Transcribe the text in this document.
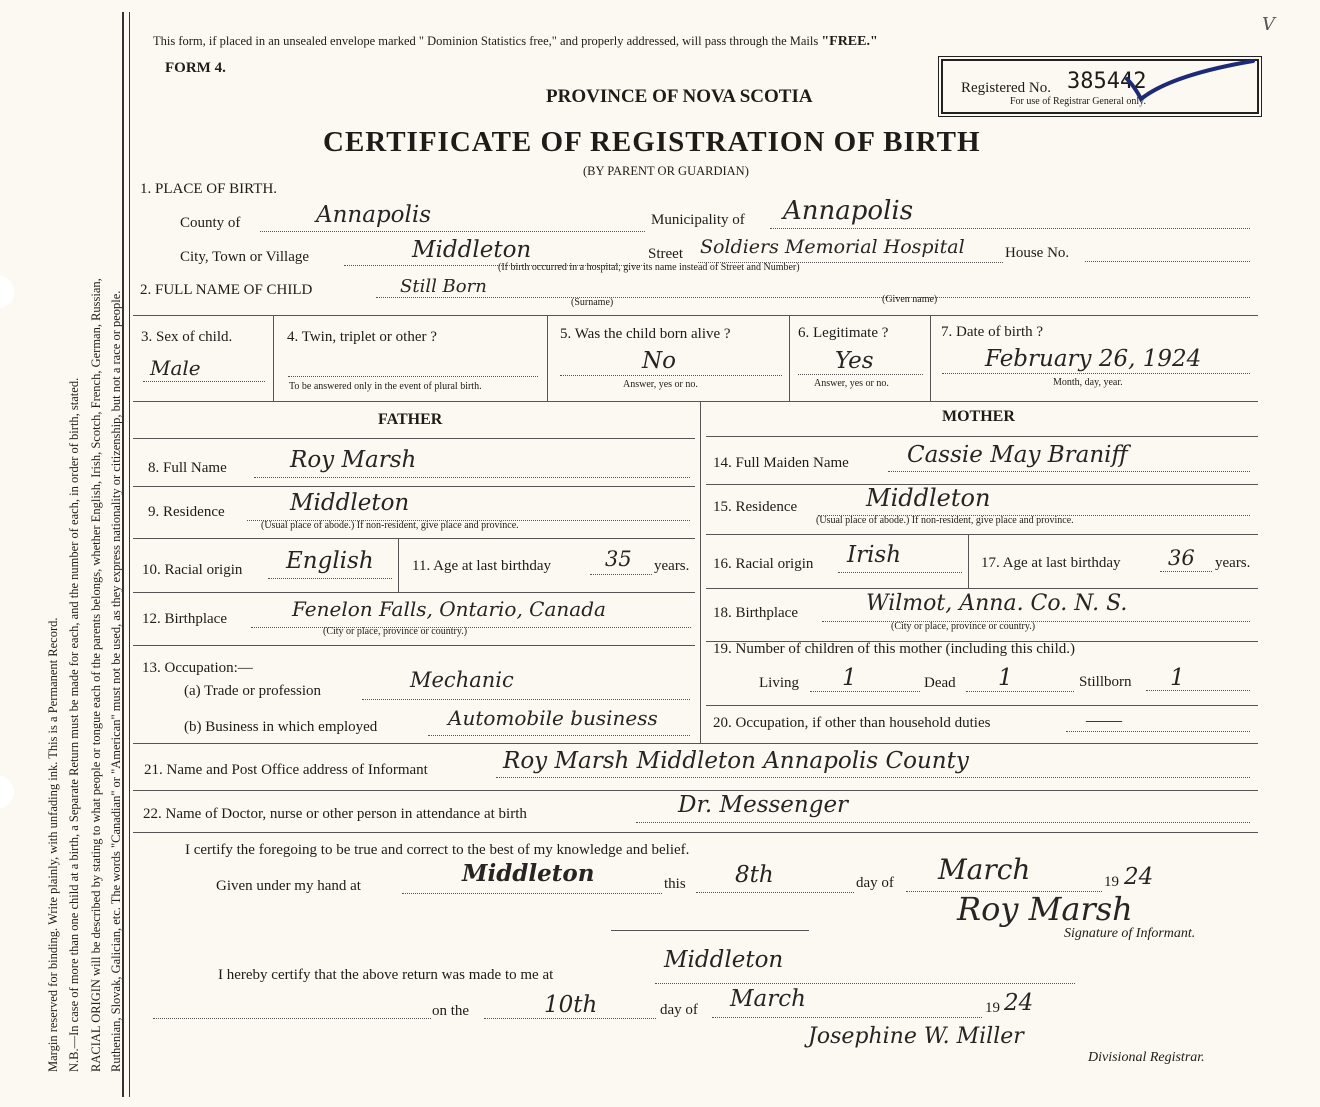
Margin reserved for binding. Write plainly, with unfading ink. This is a Permanent Record. N.B.—In case of more than one child at a birth, a Separate Return must be made for each, and the number of each, in order of birth, stated. RACIAL ORIGIN will be described by stating to what people or tongue each of the parents belongs, whether English, Irish, Scotch, French, German, Russian, Ruthenian, Slovak, Galician, etc. The words "Canadian" or "American" must not be used, as they express nationality or citizenship, but not a race or people.
This form, if placed in an unsealed envelope marked " Dominion Statistics free," and properly addressed, will pass through the Mails "FREE."
V
FORM 4.
PROVINCE OF NOVA SCOTIA
CERTIFICATE OF REGISTRATION OF BIRTH
(BY PARENT OR GUARDIAN)
Registered No. 385442
For use of Registrar General only.
1. PLACE OF BIRTH.
County of	Annapolis	Municipality of Annapolis
City, Town or Village	Middleton	Street Soldiers Memorial Hospital	House No.
(If birth occurred in a hospital, give its name instead of Street and Number)
2. FULL NAME OF CHILD	Still Born
(Surname)	(Given name)
3. Sex of child.
Male
4. Twin, triplet or other ?
To be answered only in the event of plural birth.
5. Was the child born alive ?
No
Answer, yes or no.
6. Legitimate ?
Yes
Answer, yes or no.
7. Date of birth ?
February 26, 1924
Month, day, year.
FATHER	MOTHER
8. Full Name	Roy Marsh
9. Residence	Middleton
(Usual place of abode.) If non-resident, give place and province.
10. Racial origin English	11. Age at last birthday	35 years.
12. Birthplace	Fenelon Falls, Ontario, Canada
(City or place, province or country.)
13. Occupation:—
(a) Trade or profession	Mechanic
(b) Business in which employed	Automobile business
14. Full Maiden Name	Cassie May Braniff
15. Residence	Middleton
(Usual place of abode.) If non-resident, give place and province.
16. Racial origin Irish	17. Age at last birthday 36 years.
18. Birthplace	Wilmot, Anna. Co. N. S.
(City or place, province or country.)
19. Number of children of this mother (including this child.)
Living 1	Dead 1	Stillborn 1
20. Occupation, if other than household duties	——
21. Name and Post Office address of Informant	Roy Marsh Middleton Annapolis County
22. Name of Doctor, nurse or other person in attendance at birth	Dr. Messenger
I certify the foregoing to be true and correct to the best of my knowledge and belief.
Given under my hand at	Middleton	this 8th	day of March	19 24
Roy Marsh
Signature of Informant.
I hereby certify that the above return was made to me at
Middleton
on the	10th	day of March	19 24
Josephine W. Miller
Divisional Registrar.
